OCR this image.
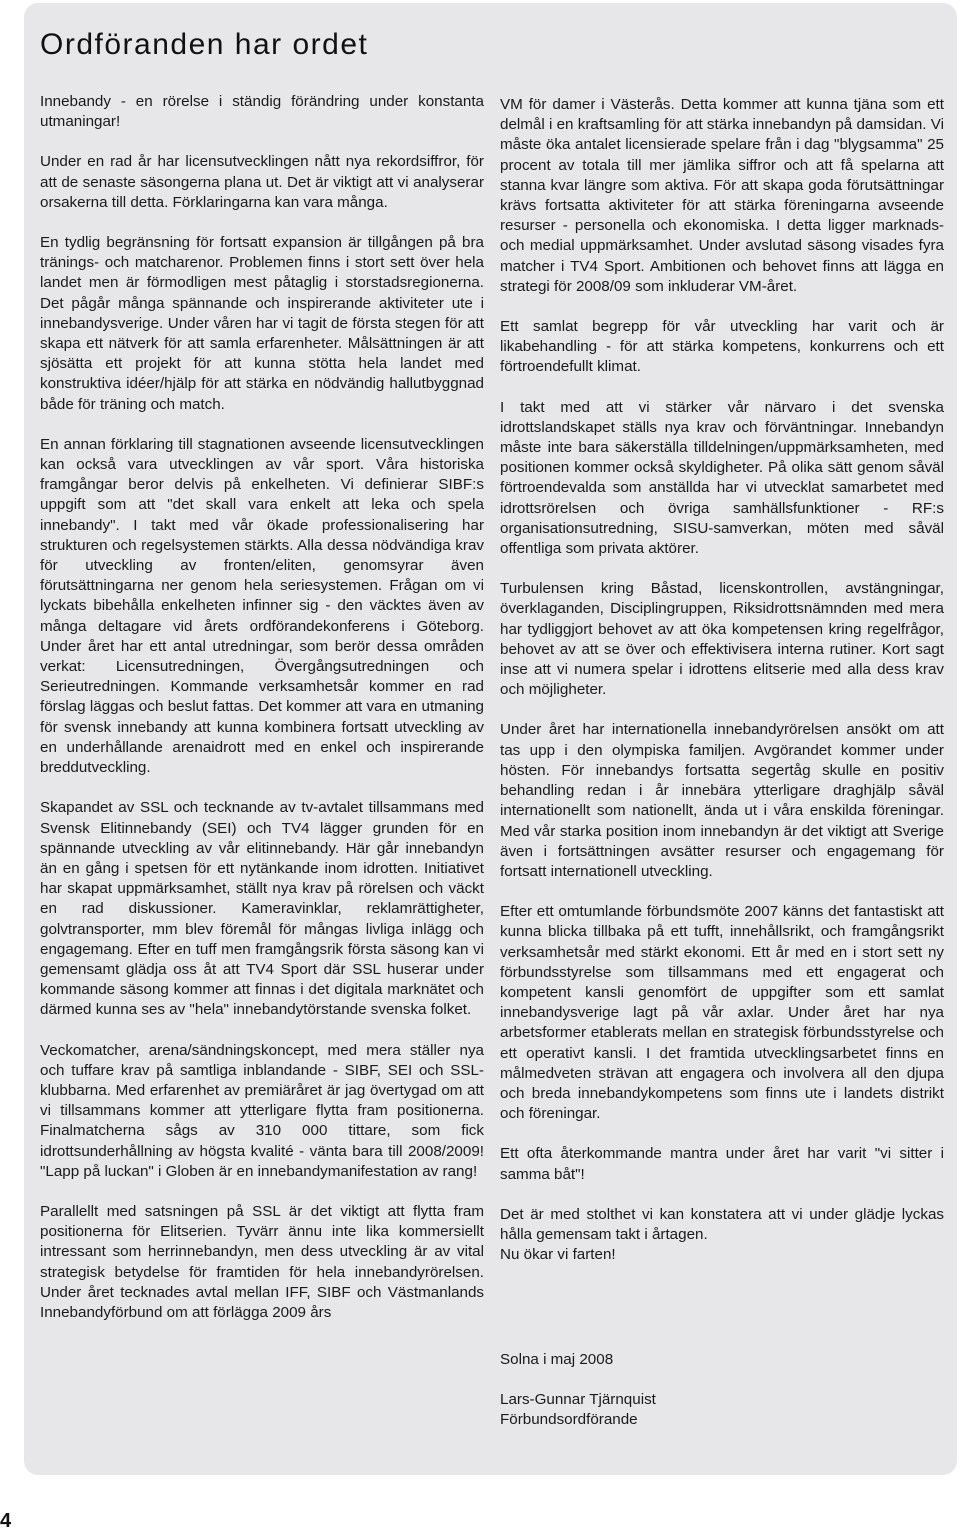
Ordföranden har ordet

Innebandy - en rörelse i ständig förändring under konstanta utmaningar!

Under en rad år har licensutvecklingen nått nya rekordsiffror, för att de senaste säsongerna plana ut. Det är viktigt att vi analyserar orsakerna till detta. Förklaringarna kan vara många.

En tydlig begränsning för fortsatt expansion är tillgången på bra tränings- och matcharenor. Problemen finns i stort sett över hela landet men är förmodligen mest påtaglig i storstadsregionerna. Det pågår många spännande och inspirerande aktiviteter ute i innebandysverige. Under våren har vi tagit de första stegen för att skapa ett nätverk för att samla erfarenheter. Målsättningen är att sjösätta ett projekt för att kunna stötta hela landet med konstruktiva idéer/hjälp för att stärka en nödvändig hallutbyggnad både för träning och match.

En annan förklaring till stagnationen avseende licensutvecklingen kan också vara utvecklingen av vår sport. Våra historiska framgångar beror delvis på enkelheten. Vi definierar SIBF:s uppgift som att "det skall vara enkelt att leka och spela innebandy". I takt med vår ökade professionalisering har strukturen och regelsystemen stärkts. Alla dessa nödvändiga krav för utveckling av fronten/eliten, genomsyrar även förutsättningarna ner genom hela seriesystemen. Frågan om vi lyckats bibehålla enkelheten infinner sig - den väcktes även av många deltagare vid årets ordförandekonferens i Göteborg. Under året har ett antal utredningar, som berör dessa områden verkat: Licensutredningen, Övergångsutredningen och Serieutredningen. Kommande verksamhetsår kommer en rad förslag läggas och beslut fattas. Det kommer att vara en utmaning för svensk innebandy att kunna kombinera fortsatt utveckling av en underhållande arenaidrott med en enkel och inspirerande breddutveckling.

Skapandet av SSL och tecknande av tv-avtalet tillsammans med Svensk Elitinnebandy (SEI) och TV4 lägger grunden för en spännande utveckling av vår elitinnebandy. Här går innebandyn än en gång i spetsen för ett nytänkande inom idrotten. Initiativet har skapat uppmärksamhet, ställt nya krav på rörelsen och väckt en rad diskussioner. Kameravinklar, reklamrättigheter, golvtransporter, mm blev föremål för mångas livliga inlägg och engagemang. Efter en tuff men framgångsrik första säsong kan vi gemensamt glädja oss åt att TV4 Sport där SSL huserar under kommande säsong kommer att finnas i det digitala marknätet och därmed kunna ses av "hela" innebandytörstande svenska folket.

Veckomatcher, arena/sändningskoncept, med mera ställer nya och tuffare krav på samtliga inblandande - SIBF, SEI och SSL-klubbarna. Med erfarenhet av premiäråret är jag övertygad om att vi tillsammans kommer att ytterligare flytta fram positionerna. Finalmatcherna sågs av 310 000 tittare, som fick idrottsunderhållning av högsta kvalité - vänta bara till 2008/2009! "Lapp på luckan" i Globen är en innebandymanifestation av rang!

Parallellt med satsningen på SSL är det viktigt att flytta fram positionerna för Elitserien. Tyvärr ännu inte lika kommersiellt intressant som herrinnebandyn, men dess utveckling är av vital strategisk betydelse för framtiden för hela innebandyrörelsen. Under året tecknades avtal mellan IFF, SIBF och Västmanlands Innebandyförbund om att förlägga 2009 års

VM för damer i Västerås. Detta kommer att kunna tjäna som ett delmål i en kraftsamling för att stärka innebandyn på damsidan. Vi måste öka antalet licensierade spelare från i dag "blygsamma" 25 procent av totala till mer jämlika siffror och att få spelarna att stanna kvar längre som aktiva. För att skapa goda förutsättningar krävs fortsatta aktiviteter för att stärka föreningarna avseende resurser - personella och ekonomiska. I detta ligger marknads- och medial uppmärksamhet. Under avslutad säsong visades fyra matcher i TV4 Sport. Ambitionen och behovet finns att lägga en strategi för 2008/09 som inkluderar VM-året.

Ett samlat begrepp för vår utveckling har varit och är likabehandling - för att stärka kompetens, konkurrens och ett förtroendefullt klimat.

I takt med att vi stärker vår närvaro i det svenska idrottslandskapet ställs nya krav och förväntningar. Innebandyn måste inte bara säkerställa tilldelningen/uppmärksamheten, med positionen kommer också skyldigheter. På olika sätt genom såväl förtroendevalda som anställda har vi utvecklat samarbetet med idrottsrörelsen och övriga samhällsfunktioner - RF:s organisationsutredning, SISU-samverkan, möten med såväl offentliga som privata aktörer.

Turbulensen kring Båstad, licenskontrollen, avstängningar, överklaganden, Disciplingruppen, Riksidrottsnämnden med mera har tydliggjort behovet av att öka kompetensen kring regelfrågor, behovet av att se över och effektivisera interna rutiner. Kort sagt inse att vi numera spelar i idrottens elitserie med alla dess krav och möjligheter.

Under året har internationella innebandyrörelsen ansökt om att tas upp i den olympiska familjen. Avgörandet kommer under hösten. För innebandys fortsatta segertåg skulle en positiv behandling redan i år innebära ytterligare draghjälp såväl internationellt som nationellt, ända ut i våra enskilda föreningar. Med vår starka position inom innebandyn är det viktigt att Sverige även i fortsättningen avsätter resurser och engagemang för fortsatt internationell utveckling.

Efter ett omtumlande förbundsmöte 2007 känns det fantastiskt att kunna blicka tillbaka på ett tufft, innehållsrikt, och framgångsrikt verksamhetsår med stärkt ekonomi. Ett år med en i stort sett ny förbundsstyrelse som tillsammans med ett engagerat och kompetent kansli genomfört de uppgifter som ett samlat innebandysverige lagt på vår axlar. Under året har nya arbetsformer etablerats mellan en strategisk förbundsstyrelse och ett operativt kansli. I det framtida utvecklingsarbetet finns en målmedveten strävan att engagera och involvera all den djupa och breda innebandykompetens som finns ute i landets distrikt och föreningar.

Ett ofta återkommande mantra under året har varit "vi sitter i samma båt"!

Det är med stolthet vi kan konstatera att vi under glädje lyckas hålla gemensam takt i årtagen.
Nu ökar vi farten!

Solna i maj 2008

Lars-Gunnar Tjärnquist
Förbundsordförande

4
